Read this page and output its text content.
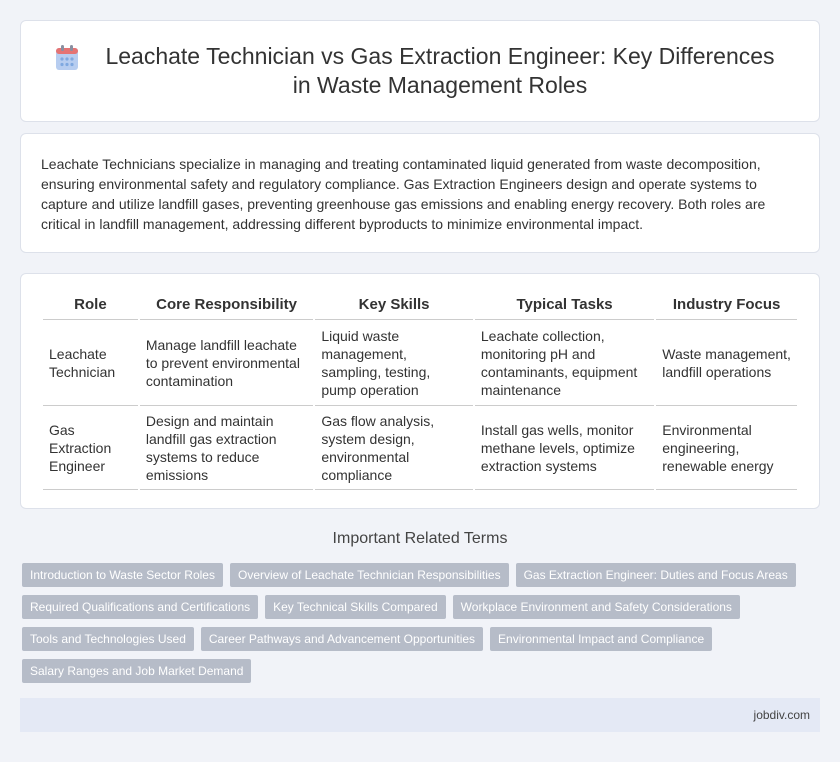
Leachate Technician vs Gas Extraction Engineer: Key Differences in Waste Management Roles

Leachate Technicians specialize in managing and treating contaminated liquid generated from waste decomposition, ensuring environmental safety and regulatory compliance. Gas Extraction Engineers design and operate systems to capture and utilize landfill gases, preventing greenhouse gas emissions and enabling energy recovery. Both roles are critical in landfill management, addressing different byproducts to minimize environmental impact.

Role	Core Responsibility	Key Skills	Typical Tasks	Industry Focus
Leachate Technician	Manage landfill leachate to prevent environmental contamination	Liquid waste management, sampling, testing, pump operation	Leachate collection, monitoring pH and contaminants, equipment maintenance	Waste management, landfill operations
Gas Extraction Engineer	Design and maintain landfill gas extraction systems to reduce emissions	Gas flow analysis, system design, environmental compliance	Install gas wells, monitor methane levels, optimize extraction systems	Environmental engineering, renewable energy
Important Related Terms
Introduction to Waste Sector Roles	Overview of Leachate Technician Responsibilities	Gas Extraction Engineer: Duties and Focus Areas
Required Qualifications and Certifications	Key Technical Skills Compared	Workplace Environment and Safety Considerations
Tools and Technologies Used	Career Pathways and Advancement Opportunities	Environmental Impact and Compliance
Salary Ranges and Job Market Demand
jobdiv.com
